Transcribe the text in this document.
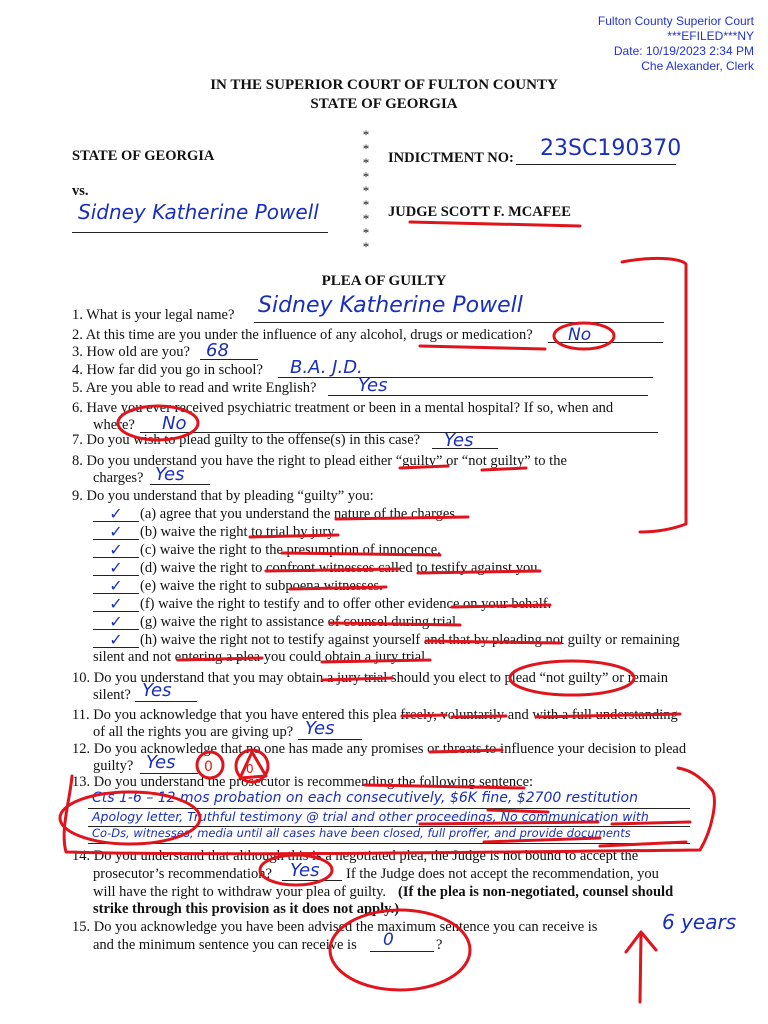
Fulton County Superior Court
***EFILED***NY
Date: 10/19/2023 2:34 PM
Che Alexander, Clerk
IN THE SUPERIOR COURT OF FULTON COUNTY
STATE OF GEORGIA
STATE OF GEORGIA
vs.
Sidney Katherine Powell
*
*
*
*
*
*
*
*
*
INDICTMENT NO: 23SC190370
JUDGE SCOTT F. MCAFEE
PLEA OF GUILTY
1. What is your legal name? Sidney Katherine Powell
2. At this time are you under the influence of any alcohol, drugs or medication? No
3. How old are you? 68
4. How far did you go in school? B.A. J.D.
5. Are you able to read and write English? Yes
6. Have you ever received psychiatric treatment or been in a mental hospital? If so, when and
where? No
7. Do you wish to plead guilty to the offense(s) in this case? Yes
8. Do you understand you have the right to plead either “guilty” or “not guilty” to the
charges? Yes
9. Do you understand that by pleading “guilty” you:
✓	(a) agree that you understand the nature of the charges.
✓	(b) waive the right to trial by jury.
✓	(c) waive the right to the presumption of innocence.
✓	(d) waive the right to confront witnesses called to testify against you.
✓	(e) waive the right to subpoena witnesses.
✓	(f) waive the right to testify and to offer other evidence on your behalf.
✓	(g) waive the right to assistance of counsel during trial.
✓	(h) waive the right not to testify against yourself and that by pleading not guilty or remaining
silent and not entering a plea you could obtain a jury trial.
10. Do you understand that you may obtain a jury trial should you elect to plead “not guilty” or remain
silent? Yes
11. Do you acknowledge that you have entered this plea freely, voluntarily and with a full understanding
of all the rights you are giving up? Yes
12. Do you acknowledge that no one has made any promises or threats to influence your decision to plead
guilty? Yes
13. Do you understand the prosecutor is recommending the following sentence:
Cts 1-6 – 12 mos probation on each consecutively, $6K fine, $2700 restitution
Apology letter, Truthful testimony @ trial and other proceedings, No communication with
Co-Ds, witnesses, media until all cases have been closed, full proffer, and provide documents
14. Do you understand that although this is a negotiated plea, the Judge is not bound to accept the
prosecutor’s recommendation? Yes If the Judge does not accept the recommendation, you
will have the right to withdraw your plea of guilty. (If the plea is non-negotiated, counsel should
strike through this provision as it does not apply.)
15. Do you acknowledge you have been advised the maximum sentence you can receive is	6 years
and the minimum sentence you can receive is 0	?
0	0
